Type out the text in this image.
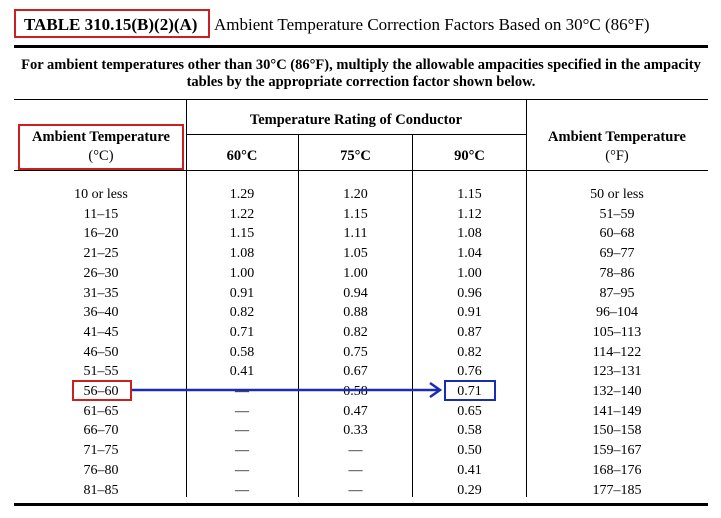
TABLE 310.15(B)(2)(A) Ambient Temperature Correction Factors Based on 30°C (86°F)
For ambient temperatures other than 30°C (86°F), multiply the allowable ampacities specified in the ampacity tables by the appropriate correction factor shown below.
Ambient Temperature
(°C)
Temperature Rating of Conductor
60°C	75°C	90°C
Ambient Temperature
(°F)
10 or less	1.29	1.20	1.15	50 or less
11–15	1.22	1.15	1.12	51–59
16–20	1.15	1.11	1.08	60–68
21–25	1.08	1.05	1.04	69–77
26–30	1.00	1.00	1.00	78–86
31–35	0.91	0.94	0.96	87–95
36–40	0.82	0.88	0.91	96–104
41–45	0.71	0.82	0.87	105–113
46–50	0.58	0.75	0.82	114–122
51–55	0.41	0.67	0.76	123–131
56–60	—	0.58	0.71	132–140
61–65	—	0.47	0.65	141–149
66–70	—	0.33	0.58	150–158
71–75	—	—	0.50	159–167
76–80	—	—	0.41	168–176
81–85	—	—	0.29	177–185
